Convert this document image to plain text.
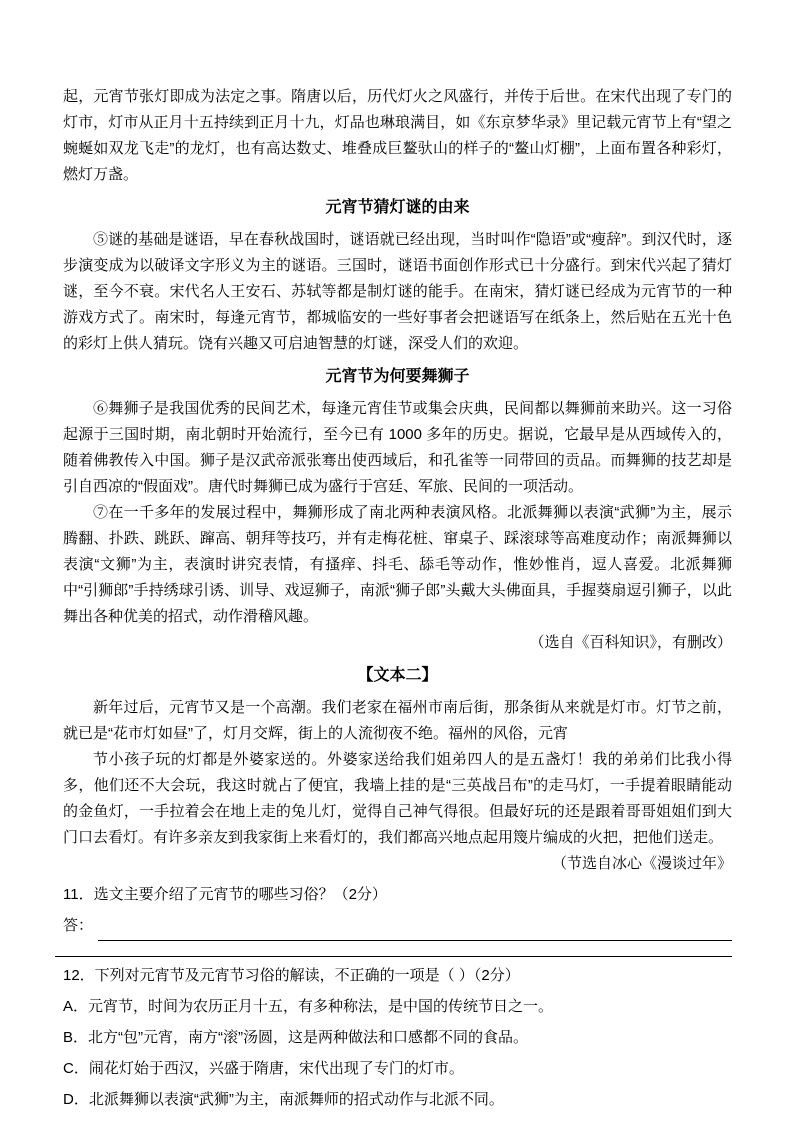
起，元宵节张灯即成为法定之事。隋唐以后，历代灯火之风盛行，并传于后世。在宋代出现了专门的灯市，灯市从正月十五持续到正月十九，灯品也琳琅满目，如《东京梦华录》里记载元宵节上有“望之蜿蜒如双龙飞走”的龙灯，也有高达数丈、堆叠成巨鳌驮山的样子的“鳌山灯棚”，上面布置各种彩灯，燃灯万盏。

元宵节猜灯谜的由来

⑤谜的基础是谜语，早在春秋战国时，谜语就已经出现，当时叫作“隐语”或“瘦辞”。到汉代时，逐步演变成为以破译文字形义为主的谜语。三国时，谜语书面创作形式已十分盛行。到宋代兴起了猜灯谜，至今不衰。宋代名人王安石、苏轼等都是制灯谜的能手。在南宋，猜灯谜已经成为元宵节的一种游戏方式了。南宋时，每逢元宵节，都城临安的一些好事者会把谜语写在纸条上，然后贴在五光十色的彩灯上供人猜玩。饶有兴趣又可启迪智慧的灯谜，深受人们的欢迎。

元宵节为何要舞狮子

⑥舞狮子是我国优秀的民间艺术，每逢元宵佳节或集会庆典，民间都以舞狮前来助兴。这一习俗起源于三国时期，南北朝时开始流行，至今已有 1000 多年的历史。据说，它最早是从西域传入的，随着佛教传入中国。狮子是汉武帝派张骞出使西域后，和孔雀等一同带回的贡品。而舞狮的技艺却是引自西凉的“假面戏”。唐代时舞狮已成为盛行于宫廷、军旅、民间的一项活动。

⑦在一千多年的发展过程中，舞狮形成了南北两种表演风格。北派舞狮以表演“武狮”为主，展示腾翻、扑跌、跳跃、蹿高、朝拜等技巧，并有走梅花桩、窜桌子、踩滚球等高难度动作；南派舞狮以表演“文狮”为主，表演时讲究表情，有搔痒、抖毛、舔毛等动作，惟妙惟肖，逗人喜爱。北派舞狮中“引狮郎”手持绣球引诱、训导、戏逗狮子，南派“狮子郎”头戴大头佛面具，手握葵扇逗引狮子，以此舞出各种优美的招式，动作滑稽风趣。

（选自《百科知识》，有删改）

【文本二】

新年过后，元宵节又是一个高潮。我们老家在福州市南后街，那条街从来就是灯市。灯节之前，就已是“花市灯如昼”了，灯月交辉，街上的人流彻夜不绝。福州的风俗，元宵

节小孩子玩的灯都是外婆家送的。外婆家送给我们姐弟四人的是五盏灯！我的弟弟们比我小得多，他们还不大会玩，我这时就占了便宜，我墙上挂的是“三英战吕布”的走马灯，一手提着眼睛能动的金鱼灯，一手拉着会在地上走的兔儿灯，觉得自己神气得很。但最好玩的还是跟着哥哥姐姐们到大门口去看灯。有许多亲友到我家街上来看灯的，我们都高兴地点起用篾片编成的火把，把他们送走。

（节选自冰心《漫谈过年》

11．选文主要介绍了元宵节的哪些习俗？（2分）

答：

12．下列对元宵节及元宵节习俗的解读，不正确的一项是（ ）（2分）

A．元宵节，时间为农历正月十五，有多种称法，是中国的传统节日之一。

B．北方“包”元宵，南方“滚”汤圆，这是两种做法和口感都不同的食品。

C．闹花灯始于西汉，兴盛于隋唐，宋代出现了专门的灯市。

D．北派舞狮以表演“武狮”为主，南派舞师的招式动作与北派不同。
